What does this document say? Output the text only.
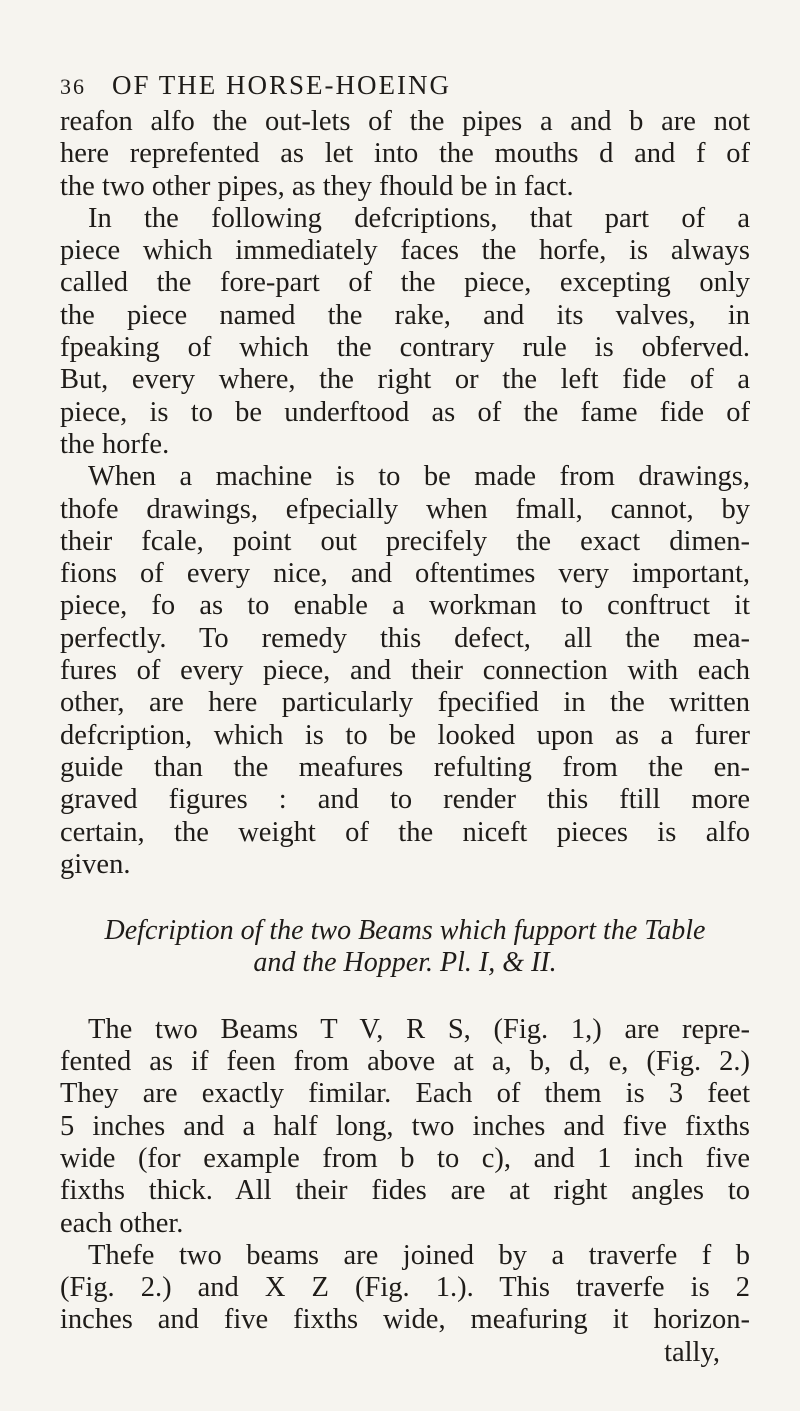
36 OF THE HORSE-HOEING
reafon alfo the out-lets of the pipes a and b are not
here reprefented as let into the mouths d and f of
the two other pipes, as they fhould be in fact.
In the following defcriptions, that part of a
piece which immediately faces the horfe, is always
called the fore-part of the piece, excepting only
the piece named the rake, and its valves, in
fpeaking of which the contrary rule is obferved.
But, every where, the right or the left fide of a
piece, is to be underftood as of the fame fide of
the horfe.
When a machine is to be made from drawings,
thofe drawings, efpecially when fmall, cannot, by
their fcale, point out precifely the exact dimen-
fions of every nice, and oftentimes very important,
piece, fo as to enable a workman to conftruct it
perfectly. To remedy this defect, all the mea-
fures of every piece, and their connection with each
other, are here particularly fpecified in the written
defcription, which is to be looked upon as a furer
guide than the meafures refulting from the en-
graved figures : and to render this ftill more
certain, the weight of the niceft pieces is alfo
given.
Defcription of the two Beams which fupport the Table
and the Hopper. Pl. I, & II.
The two Beams T V, R S, (Fig. 1,) are repre-
fented as if feen from above at a, b, d, e, (Fig. 2.)
They are exactly fimilar. Each of them is 3 feet
5 inches and a half long, two inches and five fixths
wide (for example from b to c), and 1 inch five
fixths thick. All their fides are at right angles to
each other.
Thefe two beams are joined by a traverfe f b
(Fig. 2.) and X Z (Fig. 1.). This traverfe is 2
inches and five fixths wide, meafuring it horizon-
tally,
